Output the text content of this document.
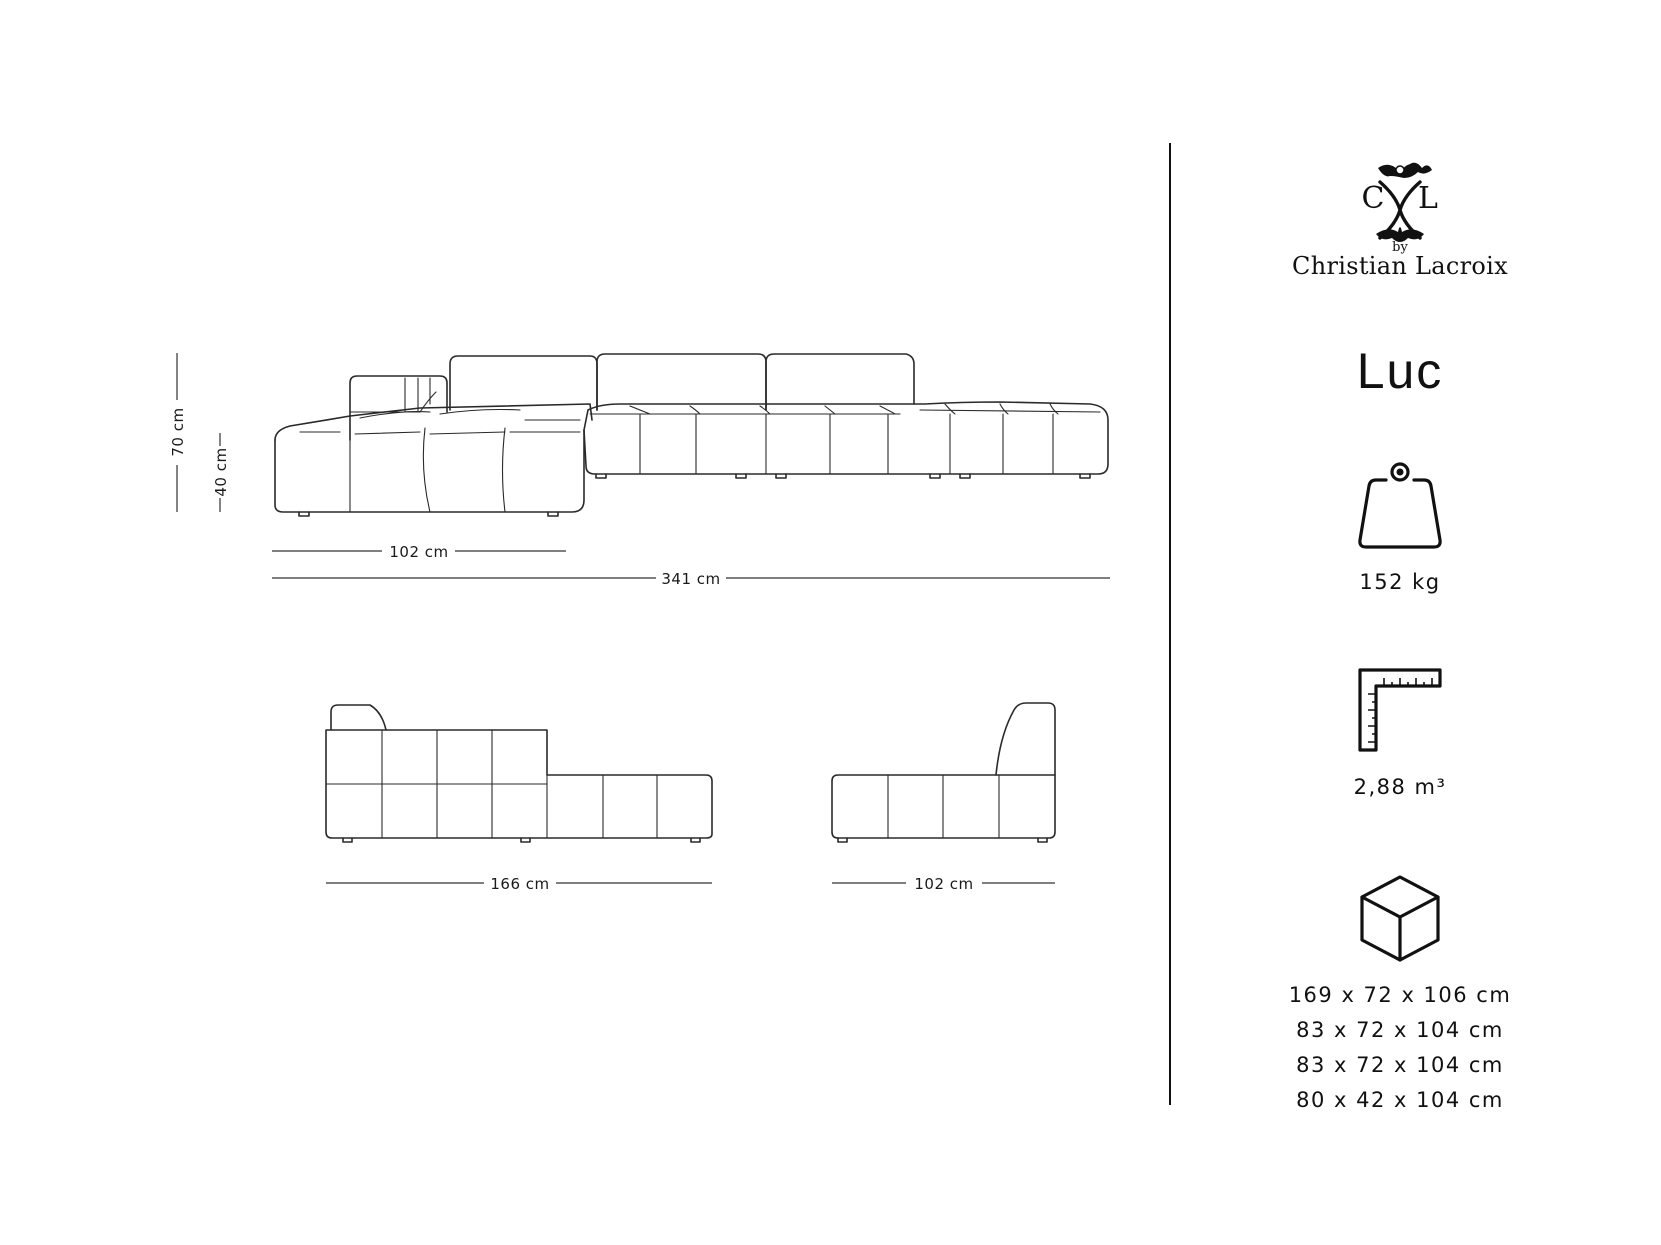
70 cm
40 cm
102 cm
341 cm
166 cm	102 cm
C L
by
Christian Lacroix
Luc
152 kg
2,88 m³
169 x 72 x 106 cm
83 x 72 x 104 cm
83 x 72 x 104 cm
80 x 42 x 104 cm
